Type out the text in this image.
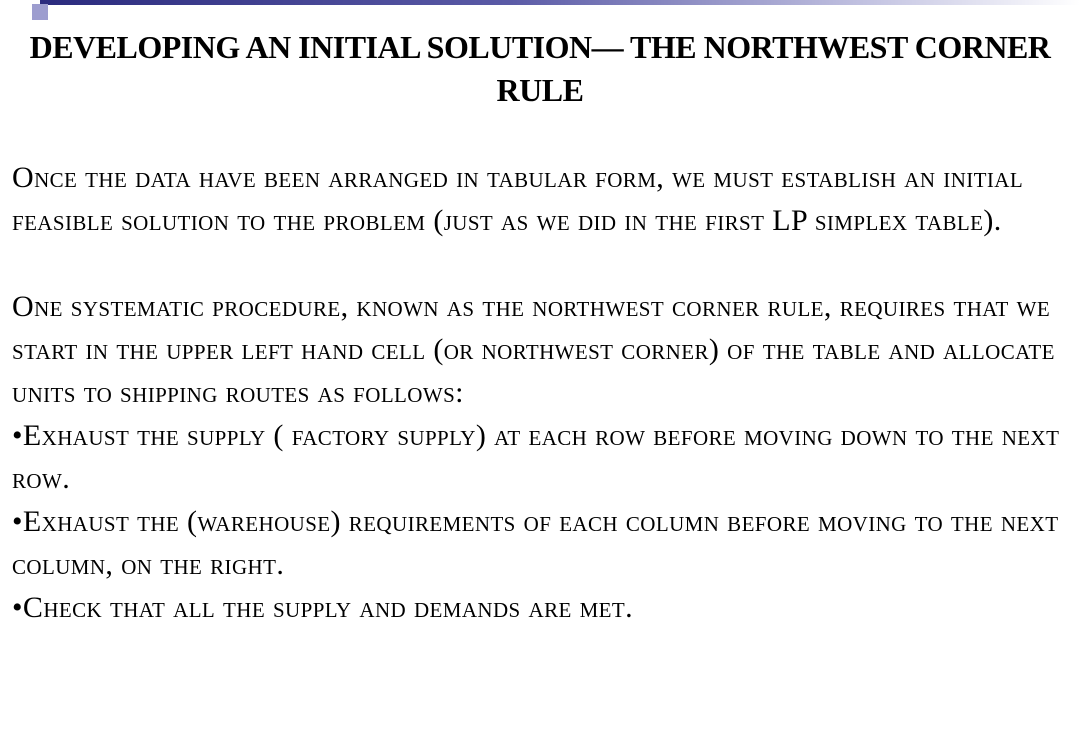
DEVELOPING AN INITIAL SOLUTION— THE NORTHWEST CORNER RULE

Once the data have been arranged in tabular form, we must establish an initial feasible solution to the problem (just as we did in the first LP simplex table).

One systematic procedure, known as the northwest corner rule, requires that we start in the upper left hand cell (or northwest corner) of the table and allocate units to shipping routes as follows:

•Exhaust the supply ( factory supply) at each row before moving down to the next row.
•Exhaust the (warehouse) requirements of each column before moving to the next column, on the right.
•Check that all the supply and demands are met.
